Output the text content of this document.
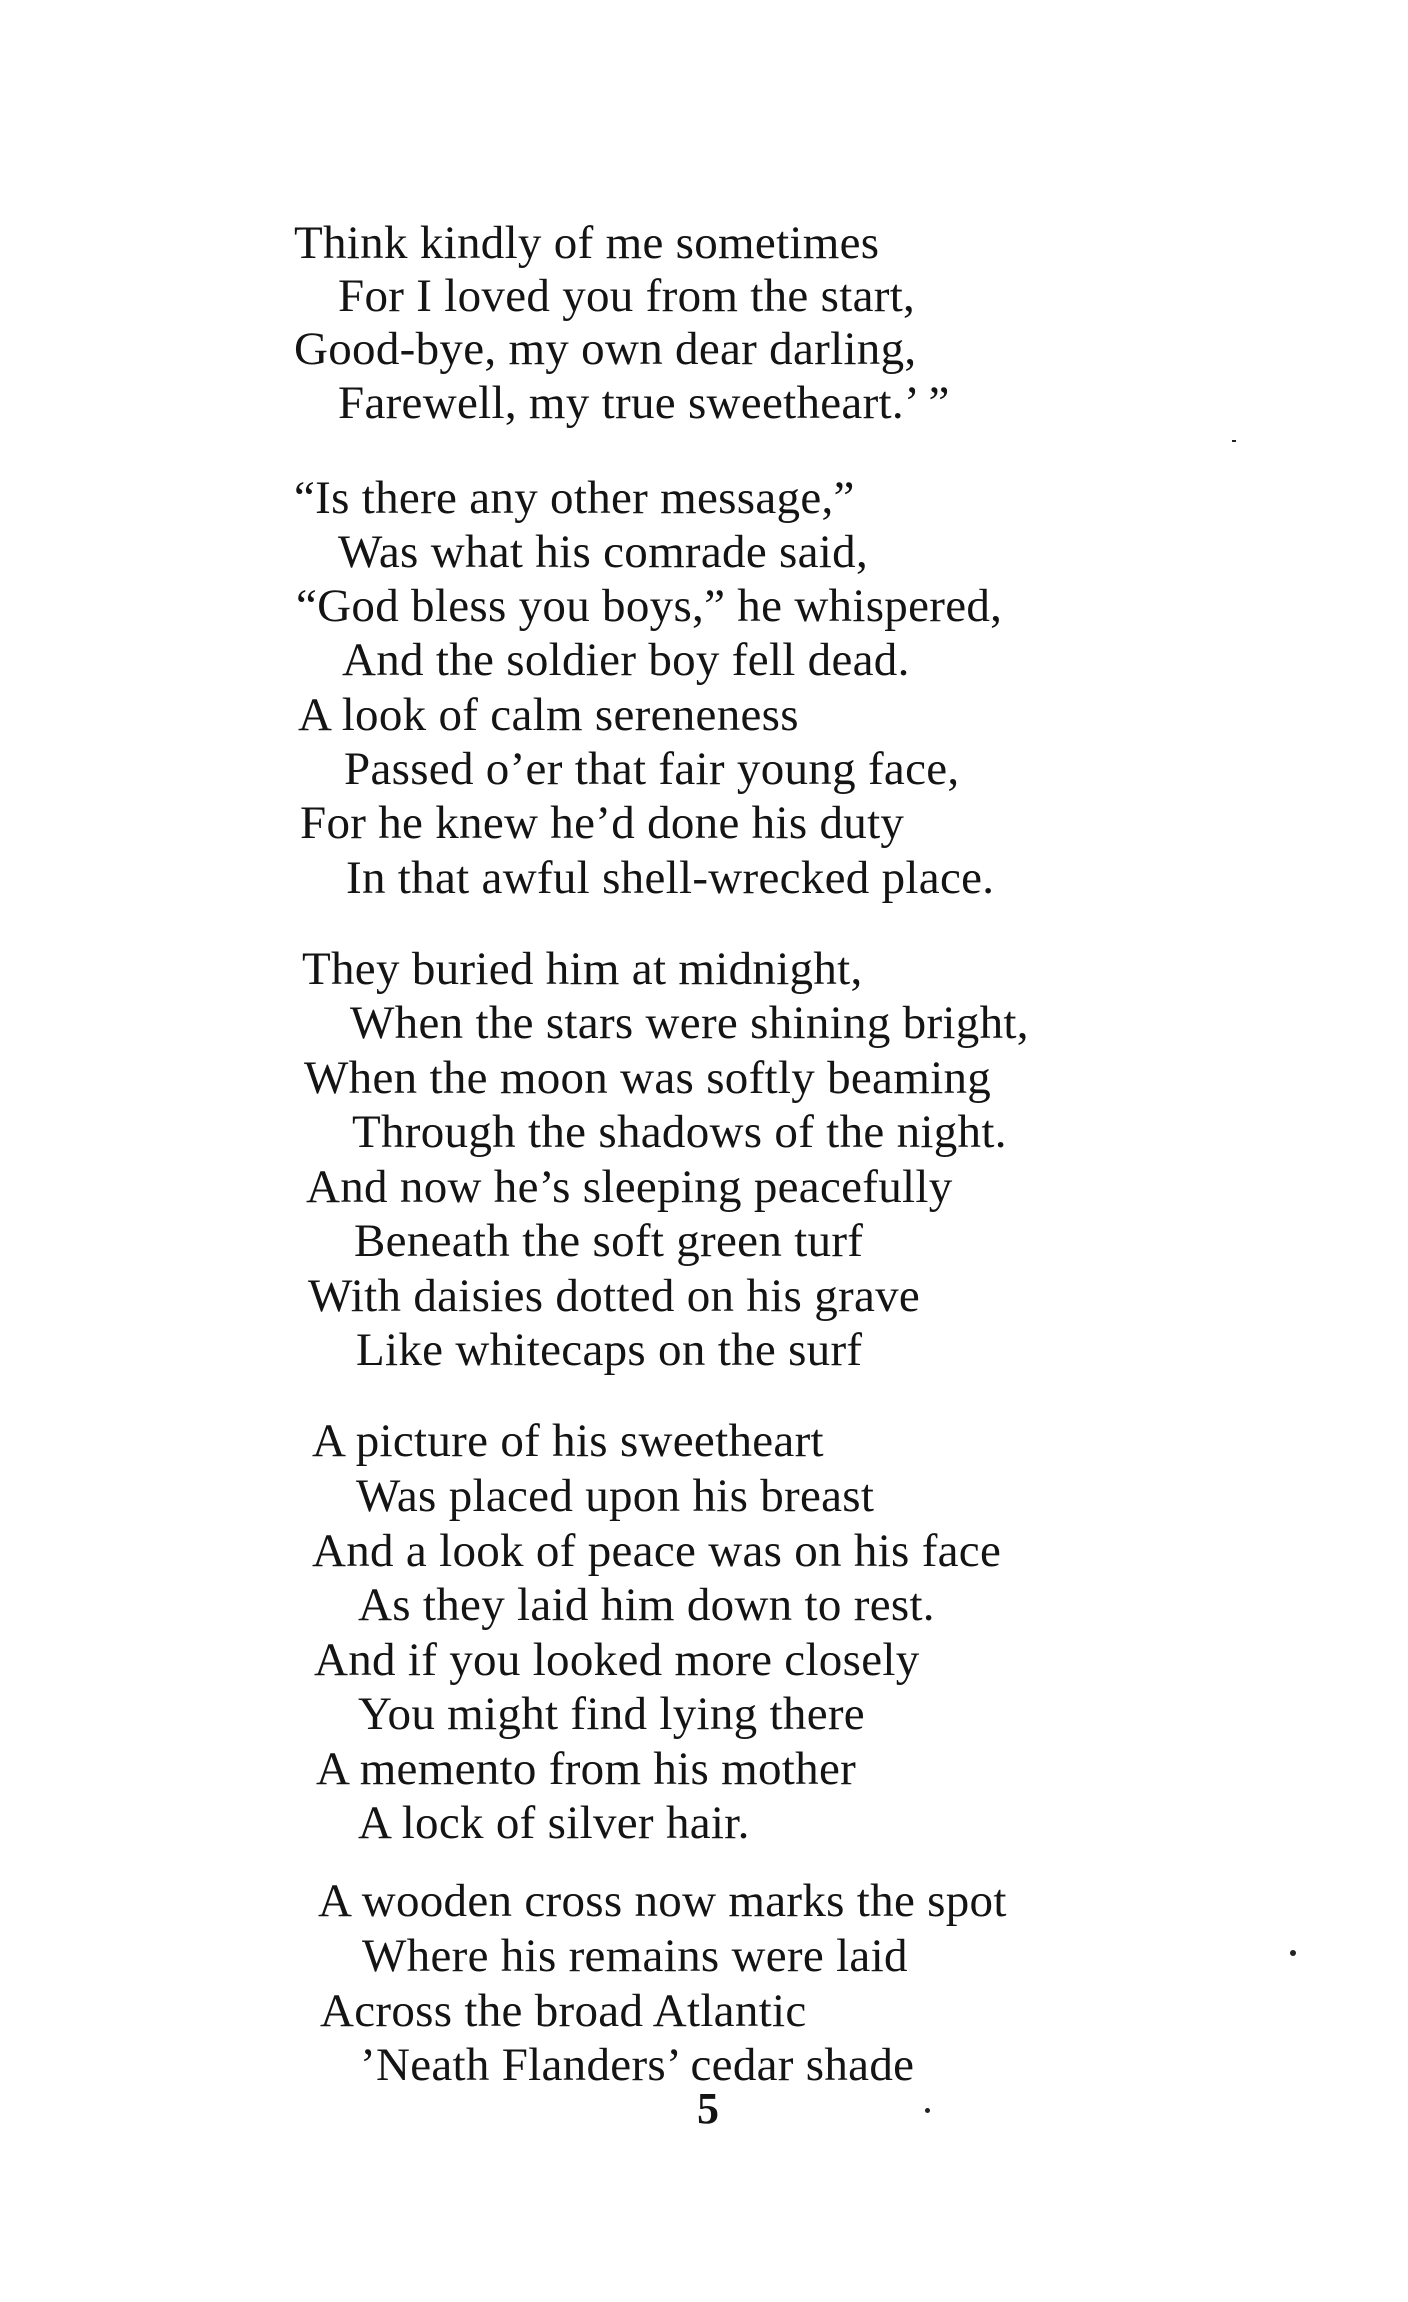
Think kindly of me sometimes
For I loved you from the start,
Good-bye, my own dear darling,
Farewell, my true sweetheart.’ ”
“Is there any other message,”
Was what his comrade said,
“God bless you boys,” he whispered,
And the soldier boy fell dead.
A look of calm sereneness
Passed o’er that fair young face,
For he knew he’d done his duty
In that awful shell-wrecked place.
They buried him at midnight,
When the stars were shining bright,
When the moon was softly beaming
Through the shadows of the night.
And now he’s sleeping peacefully
Beneath the soft green turf
With daisies dotted on his grave
Like whitecaps on the surf
A picture of his sweetheart
Was placed upon his breast
And a look of peace was on his face
As they laid him down to rest.
And if you looked more closely
You might find lying there
A memento from his mother
A lock of silver hair.
A wooden cross now marks the spot
Where his remains were laid
Across the broad Atlantic
’Neath Flanders’ cedar shade
5
